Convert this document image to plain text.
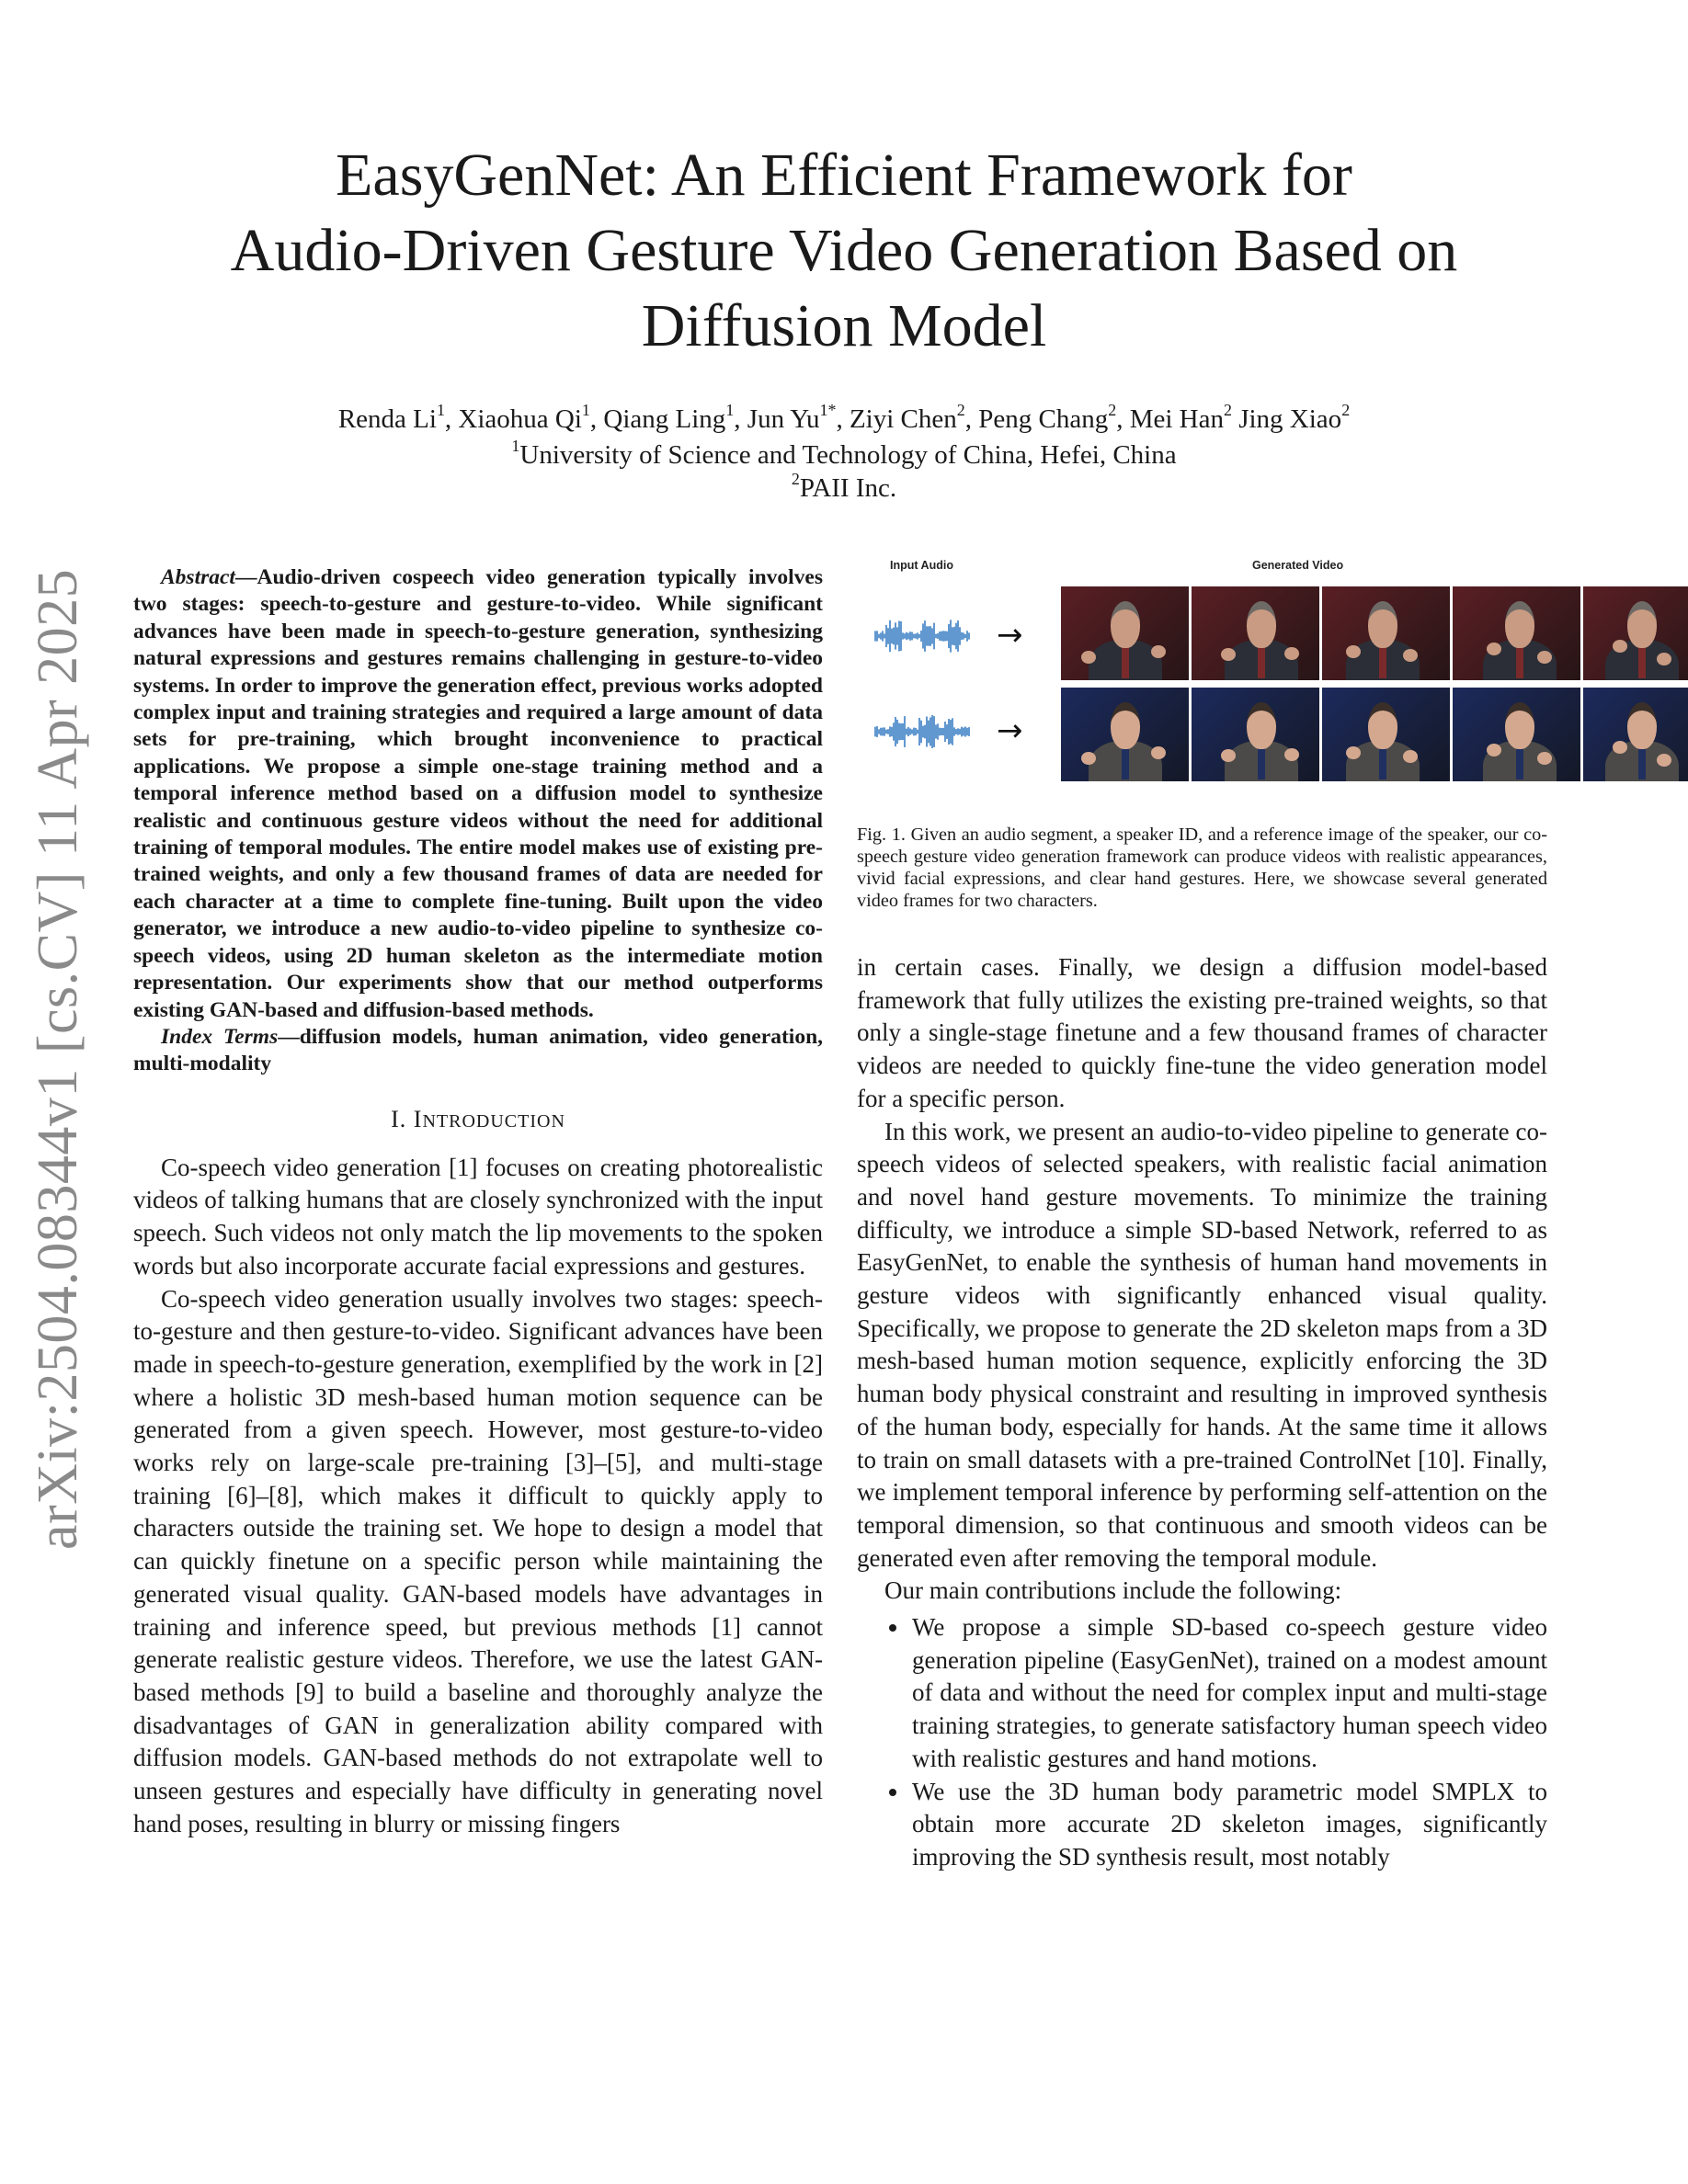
EasyGenNet: An Efficient Framework for
Audio-Driven Gesture Video Generation Based on
Diffusion Model
Renda Li$^1$, Xiaohua Qi$^1$, Qiang Ling$^1$, Jun $Yu^{1*}$, Ziyi Chen$^2$, Peng Chang$^2$, Mei Han$^2$ Jing Xiao$^2$
$^1$University of Science and Technology of China, Hefei, China
$^2$PAII Inc.
arXiv:2504.08344v1 [cs.CV] 11 Apr 2025	Abstract—Audio-driven cospeech video generation typically involves two stages: speech-to-gesture and gesture-to-video. While significant advances have been made in speech-to-gesture generation, synthesizing natural expressions and gestures remains challenging in gesture-to-video systems. In order to improve the generation effect, previous works adopted complex input and training strategies and required a large amount of data sets for pre-training, which brought inconvenience to practical applications. We propose a simple one-stage training method and a temporal inference method based on a diffusion model to synthesize realistic and continuous gesture videos without the need for additional training of temporal modules. The entire model makes use of existing pre-trained weights, and only a few thousand frames of data are needed for each character at a time to complete fine-tuning. Built upon the video generator, we introduce a new audio-to-video pipeline to synthesize co-speech videos, using 2D human skeleton as the intermediate motion representation. Our experiments show that our method outperforms existing GAN-based and diffusion-based methods.

Index Terms—diffusion models, human animation, video generation, multi-modality

I. INTRODUCTION

Co-speech video generation [1] focuses on creating photorealistic videos of talking humans that are closely synchronized with the input speech. Such videos not only match the lip movements to the spoken words but also incorporate accurate facial expressions and gestures.

Co-speech video generation usually involves two stages: speech-to-gesture and then gesture-to-video. Significant advances have been made in speech-to-gesture generation, exemplified by the work in [2] where a holistic 3D mesh-based human motion sequence can be generated from a given speech. However, most gesture-to-video works rely on large-scale pre-training [3]–[5], and multi-stage training [6]–[8], which makes it difficult to quickly apply to characters outside the training set. We hope to design a model that can quickly finetune on a specific person while maintaining the generated visual quality. GAN-based models have advantages in training and inference speed, but previous methods [1] cannot generate realistic gesture videos. Therefore, we use the latest GAN-based methods [9] to build a baseline and thoroughly analyze the disadvantages of GAN in generalization ability compared with diffusion models. GAN-based methods do not extrapolate well to unseen gestures and especially have difficulty in generating novel hand poses, resulting in blurry or missing fingers

Input Audio	Generated Video
→
→
Fig. 1. Given an audio segment, a speaker ID, and a reference image of the speaker, our co-speech gesture video generation framework can produce videos with realistic appearances, vivid facial expressions, and clear hand gestures. Here, we showcase several generated video frames for two characters.

in certain cases. Finally, we design a diffusion model-based framework that fully utilizes the existing pre-trained weights, so that only a single-stage finetune and a few thousand frames of character videos are needed to quickly fine-tune the video generation model for a specific person.

In this work, we present an audio-to-video pipeline to generate co-speech videos of selected speakers, with realistic facial animation and novel hand gesture movements. To minimize the training difficulty, we introduce a simple SD-based Network, referred to as EasyGenNet, to enable the synthesis of human hand movements in gesture videos with significantly enhanced visual quality. Specifically, we propose to generate the 2D skeleton maps from a 3D mesh-based human motion sequence, explicitly enforcing the 3D human body physical constraint and resulting in improved synthesis of the human body, especially for hands. At the same time it allows to train on small datasets with a pre-trained ControlNet [10]. Finally, we implement temporal inference by performing self-attention on the temporal dimension, so that continuous and smooth videos can be generated even after removing the temporal module.

Our main contributions include the following:

• We propose a simple SD-based co-speech gesture video generation pipeline (EasyGenNet), trained on a modest amount of data and without the need for complex input and multi-stage training strategies, to generate satisfactory human speech video with realistic gestures and hand motions.
• We use the 3D human body parametric model SMPLX to obtain more accurate 2D skeleton images, significantly improving the SD synthesis result, most notably
